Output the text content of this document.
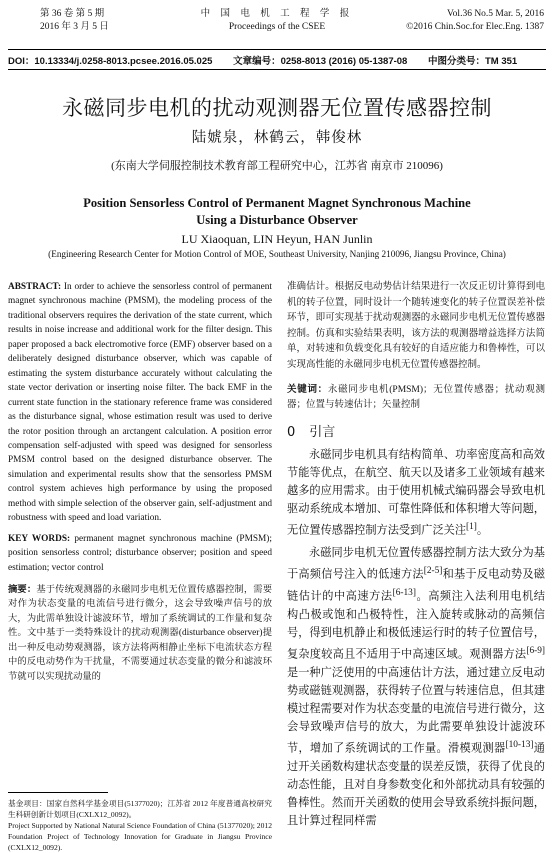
第 36 卷 第 5 期
2016 年 3 月 5 日
中 国 电 机 工 程 学 报
Proceedings of the CSEE
Vol.36 No.5 Mar. 5, 2016
©2016 Chin.Soc.for Elec.Eng. 1387
DOI：10.13334/j.0258-8013.pcsee.2016.05.025 文章编号：0258-8013 (2016) 05-1387-08 中图分类号：TM 351
永磁同步电机的扰动观测器无位置传感器控制
陆婋泉，林鹤云，韩俊林
(东南大学伺服控制技术教育部工程研究中心，江苏省 南京市 210096)
Position Sensorless Control of Permanent Magnet Synchronous Machine
Using a Disturbance Observer
LU Xiaoquan, LIN Heyun, HAN Junlin
(Engineering Research Center for Motion Control of MOE, Southeast University, Nanjing 210096, Jiangsu Province, China)

ABSTRACT: In order to achieve the sensorless control of permanent magnet synchronous machine (PMSM), the modeling process of the traditional observers requires the derivation of the state current, which results in noise increase and additional work for the filter design. This paper proposed a back electromotive force (EMF) observer based on a deliberately designed disturbance observer, which was capable of estimating the system disturbance accurately without calculating the state vector derivation or inserting noise filter. The back EMF in the current state function in the stationary reference frame was considered as the disturbance signal, whose estimation result was used to derive the rotor position through an arctangent calculation. A position error compensation self-adjusted with speed was designed for sensorless PMSM control based on the designed disturbance observer. The simulation and experimental results show that the sensorless PMSM control system achieves high performance by using the proposed method with simple selection of the observer gain, self-adjustment and robustness with speed and load variation.

KEY WORDS: permanent magnet synchronous machine (PMSM); position sensorless control; disturbance observer; position and speed estimation; vector control

摘要：基于传统观测器的永磁同步电机无位置传感器控制，需要对作为状态变量的电流信号进行微分，这会导致噪声信号的放大，为此需单独设计滤波环节，增加了系统调试的工作量和复杂性。文中基于一类特殊设计的扰动观测器(disturbance observer)提出一种反电动势观测器，该方法将两相静止坐标下电流状态方程中的反电动势作为干扰量，不需要通过状态变量的微分和滤波环节就可以实现扰动量的

基金项目：国家自然科学基金项目(51377020)；江苏省 2012 年度普通高校研究生科研创新计划项目(CXLX12_0092)。
Project Supported by National Natural Science Foundation of China (51377020); 2012 Foundation Project of Technology Innovation for Graduate in Jiangsu Province (CXLX12_0092).

准确估计。根据反电动势估计结果进行一次反正切计算得到电机的转子位置，同时设计一个随转速变化的转子位置误差补偿环节，即可实现基于扰动观测器的永磁同步电机无位置传感器控制。仿真和实验结果表明，该方法的观测器增益选择方法简单，对转速和负载变化具有较好的自适应能力和鲁棒性，可以实现高性能的永磁同步电机无位置传感器控制。

关键词：永磁同步电机(PMSM)；无位置传感器；扰动观测器；位置与转速估计；矢量控制

0 引言

永磁同步电机具有结构简单、功率密度高和高效节能等优点，在航空、航天以及诸多工业领域有越来越多的应用需求。由于使用机械式编码器会导致电机驱动系统成本增加、可靠性降低和体积增大等问题，无位置传感器控制方法受到广泛关注[1]。

永磁同步电机无位置传感器控制方法大致分为基于高频信号注入的低速方法[2-5]和基于反电动势及磁链估计的中高速方法[6-13]。高频注入法利用电机结构凸极或饱和凸极特性，注入旋转或脉动的高频信号，得到电机静止和极低速运行时的转子位置信号，复杂度较高且不适用于中高速区域。观测器方法[6-9]是一种广泛使用的中高速估计方法，通过建立反电动势或磁链观测器，获得转子位置与转速信息，但其建模过程需要对作为状态变量的电流信号进行微分，这会导致噪声信号的放大，为此需要单独设计滤波环节，增加了系统调试的工作量。滑模观测器[10-13]通过开关函数构建状态变量的误差反馈，获得了优良的动态性能，且对自身参数变化和外部扰动具有较强的鲁棒性。然而开关函数的使用会导致系统抖振问题，且计算过程同样需
